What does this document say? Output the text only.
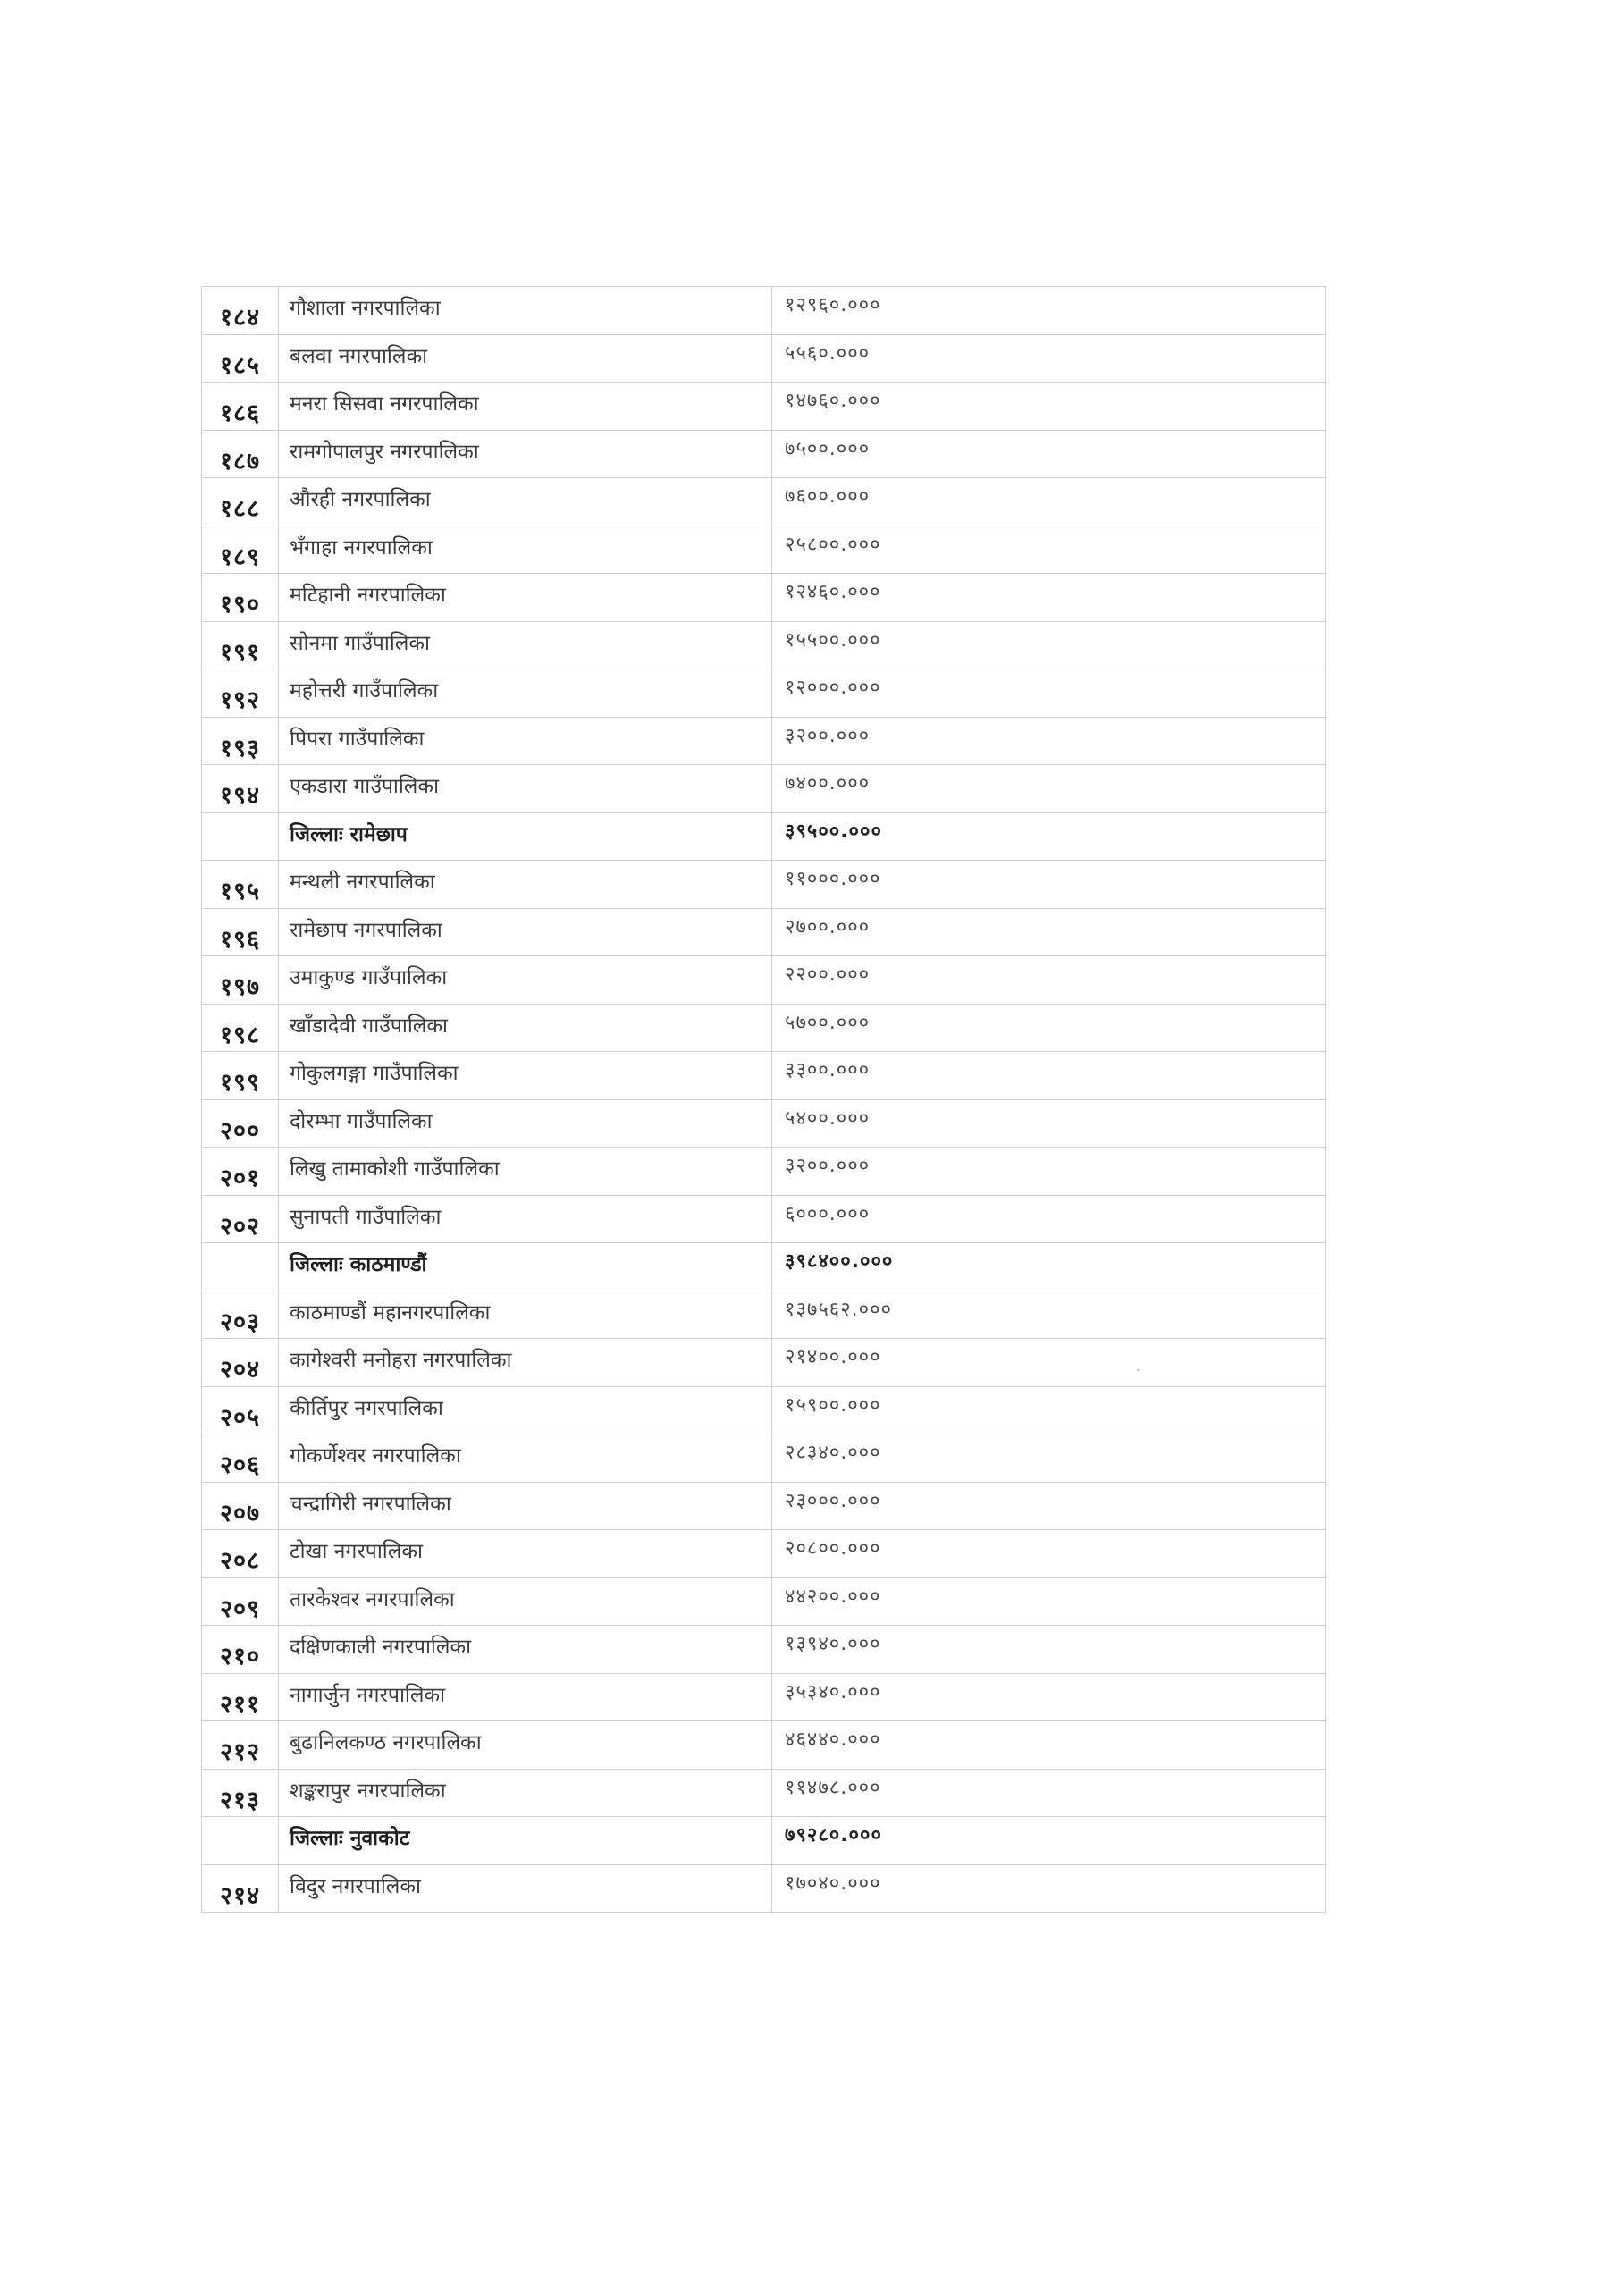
१८४	गौशाला नगरपालिका	१२९६०.०००
१८५	बलवा नगरपालिका	५५६०.०००
१८६	मनरा सिसवा नगरपालिका	१४७६०.०००
१८७	रामगोपालपुर नगरपालिका	७५००.०००
१८८	औरही नगरपालिका	७६००.०००
१८९	भँगाहा नगरपालिका	२५८००.०००
१९०	मटिहानी नगरपालिका	१२४६०.०००
१९१	सोनमा गाउँपालिका	१५५००.०००
१९२	महोत्तरी गाउँपालिका	१२०००.०००
१९३	पिपरा गाउँपालिका	३२००.०००
१९४	एकडारा गाउँपालिका	७४००.०००
	जिल्लाः रामेछाप	३९५००.०००
१९५	मन्थली नगरपालिका	११०००.०००
१९६	रामेछाप नगरपालिका	२७००.०००
१९७	उमाकुण्ड गाउँपालिका	२२००.०००
१९८	खाँडादेवी गाउँपालिका	५७००.०००
१९९	गोकुलगङ्गा गाउँपालिका	३३००.०००
२००	दोरम्भा गाउँपालिका	५४००.०००
२०१	लिखु तामाकोशी गाउँपालिका	३२००.०००
२०२	सुनापती गाउँपालिका	६०००.०००
	जिल्लाः काठमाण्डौं	३९८४००.०००
२०३	काठमाण्डौं महानगरपालिका	१३७५६२.०००
२०४	कागेश्वरी मनोहरा नगरपालिका	२१४००.०००
२०५	कीर्तिपुर नगरपालिका	१५९००.०००
२०६	गोकर्णेश्वर नगरपालिका	२८३४०.०००
२०७	चन्द्रागिरी नगरपालिका	२३०००.०००
२०८	टोखा नगरपालिका	२०८००.०००
२०९	तारकेश्वर नगरपालिका	४४२००.०००
२१०	दक्षिणकाली नगरपालिका	१३९४०.०००
२११	नागार्जुन नगरपालिका	३५३४०.०००
२१२	बुढानिलकण्ठ नगरपालिका	४६४४०.०००
२१३	शङ्करापुर नगरपालिका	११४७८.०००
	जिल्लाः नुवाकोट	७९२८०.०००
२१४	विदुर नगरपालिका	१७०४०.०००
